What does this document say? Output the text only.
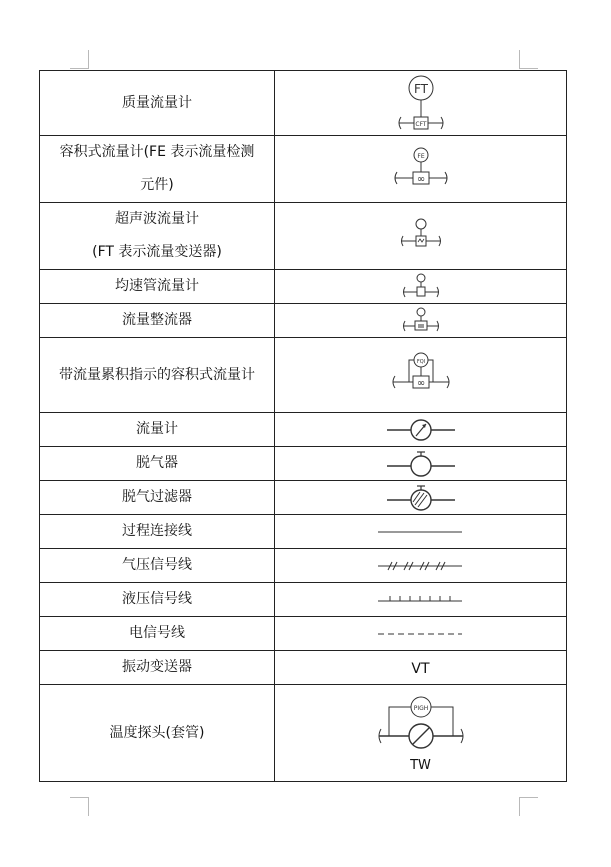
质量流量计	FT
CFT

容积式流量计(FE 表示流量检测
元件)	FE
∞

超声波流量计
(FT 表示流量变送器)

均速管流量计

流量整流器

带流量累积指示的容积式流量计	FQI
∞

流量计

脱气器

脱气过滤器

过程连接线

气压信号线

液压信号线

电信号线

振动变送器	VT

温度探头(套管)	PIGH
TW
